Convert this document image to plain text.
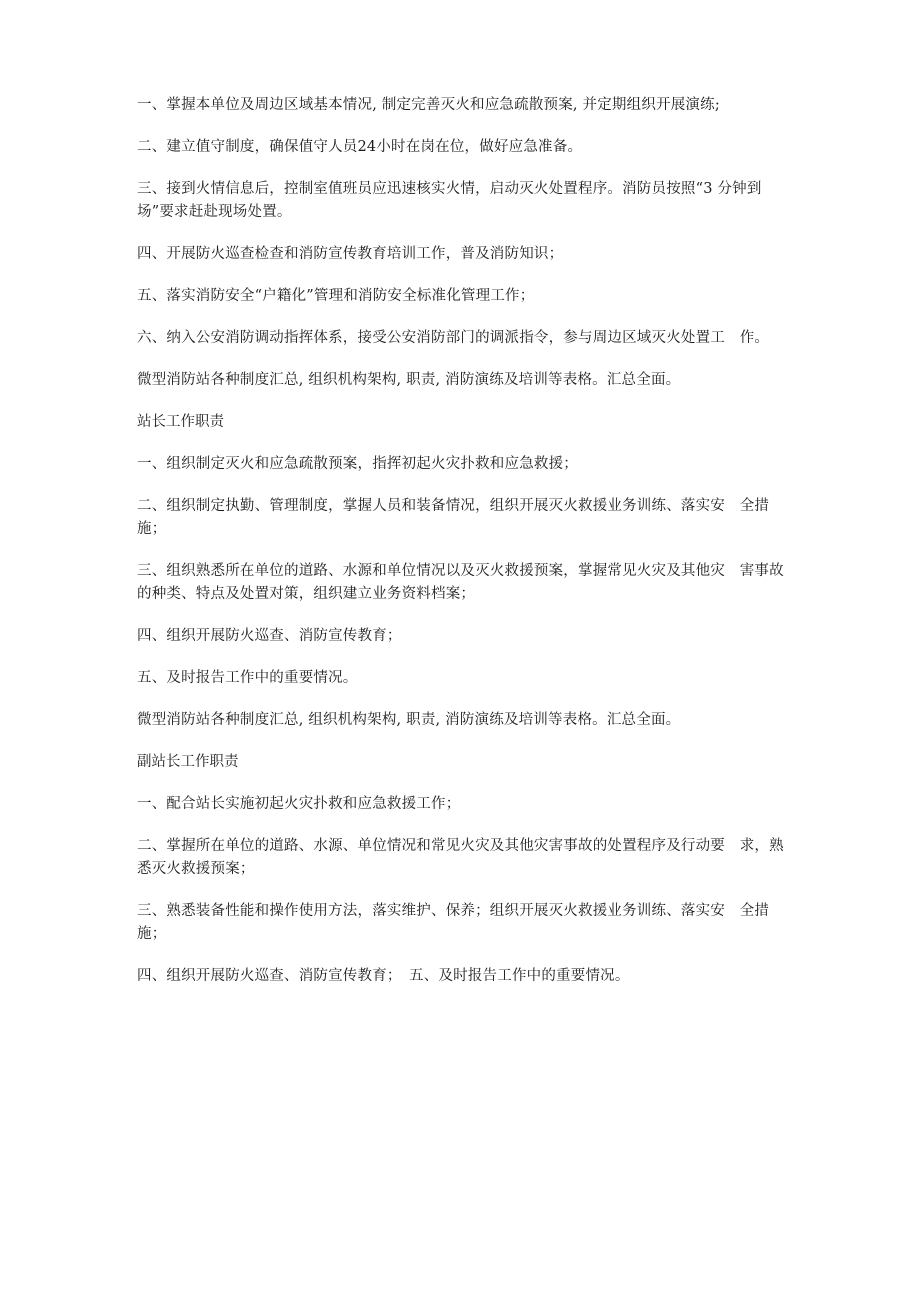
一、掌握本单位及周边区域基本情况, 制定完善灭火和应急疏散预案, 并定期组织开展演练;

二、建立值守制度，确保值守人员24小时在岗在位，做好应急准备。

三、接到火情信息后，控制室值班员应迅速核实火情，启动灭火处置程序。消防员按照“3 分钟到场”要求赶赴现场处置。

四、开展防火巡查检查和消防宣传教育培训工作，普及消防知识；

五、落实消防安全“户籍化”管理和消防安全标准化管理工作；

六、纳入公安消防调动指挥体系，接受公安消防部门的调派指令，参与周边区域灭火处置工　作。

微型消防站各种制度汇总, 组织机构架构, 职责, 消防演练及培训等表格。汇总全面。

站长工作职责

一、组织制定灭火和应急疏散预案，指挥初起火灾扑救和应急救援；

二、组织制定执勤、管理制度，掌握人员和装备情况，组织开展灭火救援业务训练、落实安　全措施；

三、组织熟悉所在单位的道路、水源和单位情况以及灭火救援预案，掌握常见火灾及其他灾　害事故的种类、特点及处置对策，组织建立业务资料档案；

四、组织开展防火巡查、消防宣传教育；

五、及时报告工作中的重要情况。

微型消防站各种制度汇总, 组织机构架构, 职责, 消防演练及培训等表格。汇总全面。

副站长工作职责

一、配合站长实施初起火灾扑救和应急救援工作；

二、掌握所在单位的道路、水源、单位情况和常见火灾及其他灾害事故的处置程序及行动要　求，熟悉灭火救援预案；

三、熟悉装备性能和操作使用方法，落实维护、保养；组织开展灭火救援业务训练、落实安　全措施；

四、组织开展防火巡查、消防宣传教育；　五、及时报告工作中的重要情况。
